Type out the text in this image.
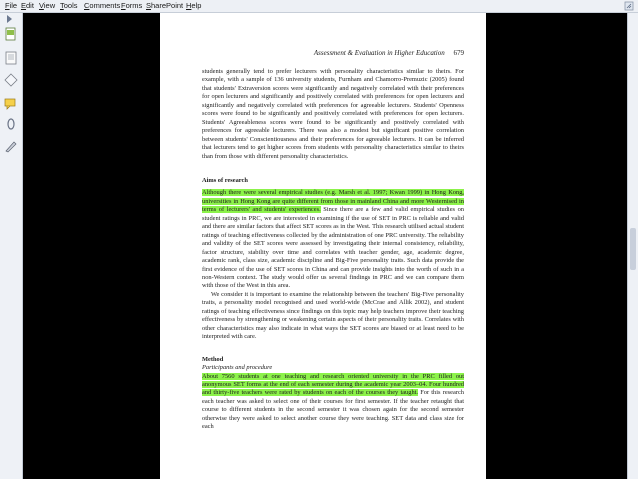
File Edit View Tools Comments Forms SharePoint Help
Assessment & Evaluation in Higher Education 679

students generally tend to prefer lecturers with personality characteristics similar to theirs. For example, with a sample of 136 university students, Furnham and Chamorro-Premuzic (2005) found that students' Extraversion scores were significantly and negatively correlated with their preferences for open lecturers and significantly and positively correlated with preferences for open lecturers and significantly and negatively correlated with preferences for agreeable lecturers. Students' Openness scores were found to be significantly and positively correlated with preferences for open lecturers. Students' Agreeableness scores were found to be significantly and positively correlated with preferences for agreeable lecturers. There was also a modest but significant positive correlation between students' Conscientiousness and their preferences for agreeable lecturers. It can be inferred that lecturers tend to get higher scores from students with personality characteristics similar to theirs than from those with different personality characteristics.

Aims of research

Although there were several empirical studies (e.g. Marsh et al. 1997; Kwan 1999) in Hong Kong, universities in Hong Kong are quite different from those in mainland China and more Westernised in terms of lecturers' and students' experiences. Since there are a few and valid empirical studies on student ratings in PRC, we are interested in examining if the use of SET in PRC is reliable and valid and there are similar factors that affect SET scores as in the West. This research utilised actual student ratings of teaching effectiveness collected by the administration of one PRC university. The reliability and validity of the SET scores were assessed by investigating their internal consistency, reliability, factor structure, stability over time and correlates with teacher gender, age, academic degree, academic rank, class size, academic discipline and Big-Five personality traits. Such data provide the first evidence of the use of SET scores in China and can provide insights into the worth of such in a non-Western context. The study would offer us several findings in PRC and we can compare them with those of the West in this area.

We consider it is important to examine the relationship between the teachers' Big-Five personality traits, a personality model recognised and used world-wide (McCrae and Allik 2002), and student ratings of teaching effectiveness since findings on this topic may help teachers improve their teaching effectiveness by strengthening or weakening certain aspects of their personality traits. Correlates with other characteristics may also indicate in what ways the SET scores are biased or at least need to be interpreted with care.

Method

Participants and procedure

About 7560 students at one teaching and research oriented university in the PRC filled out anonymous SET forms at the end of each semester during the academic year 2003–04. Four hundred and thirty-five teachers were rated by students on each of the courses they taught. For this research each teacher was asked to select one of their courses for first semester. If the teacher retaught that course to different students in the second semester it was chosen again for the second semester otherwise they were asked to select another course they were teaching. SET data and class size for each
